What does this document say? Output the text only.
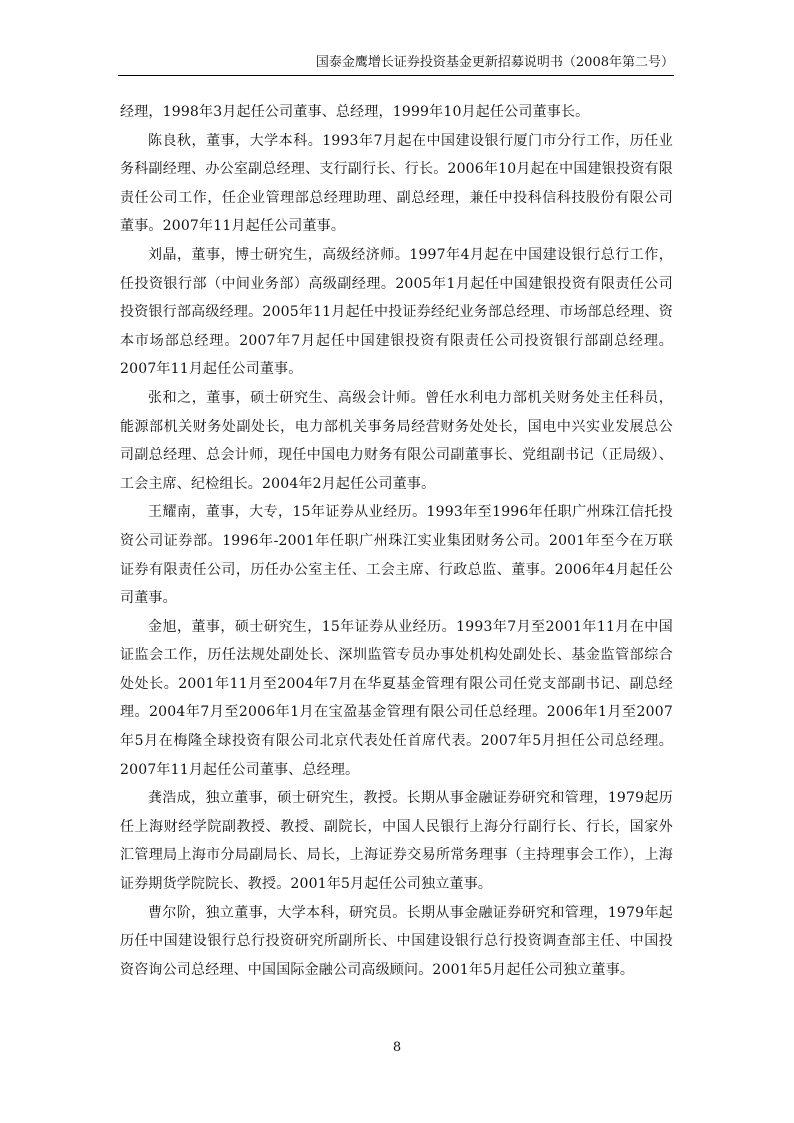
国泰金鹰增长证券投资基金更新招募说明书（2008年第二号）

经理，1998年3月起任公司董事、总经理，1999年10月起任公司董事长。

陈良秋，董事，大学本科。1993年7月起在中国建设银行厦门市分行工作，历任业务科副经理、办公室副总经理、支行副行长、行长。2006年10月起在中国建银投资有限责任公司工作，任企业管理部总经理助理、副总经理，兼任中投科信科技股份有限公司董事。2007年11月起任公司董事。

刘晶，董事，博士研究生，高级经济师。1997年4月起在中国建设银行总行工作，任投资银行部（中间业务部）高级副经理。2005年1月起任中国建银投资有限责任公司投资银行部高级经理。2005年11月起任中投证券经纪业务部总经理、市场部总经理、资本市场部总经理。2007年7月起任中国建银投资有限责任公司投资银行部副总经理。2007年11月起任公司董事。

张和之，董事，硕士研究生、高级会计师。曾任水利电力部机关财务处主任科员，能源部机关财务处副处长，电力部机关事务局经营财务处处长，国电中兴实业发展总公司副总经理、总会计师，现任中国电力财务有限公司副董事长、党组副书记（正局级）、工会主席、纪检组长。2004年2月起任公司董事。

王耀南，董事，大专，15年证券从业经历。1993年至1996年任职广州珠江信托投资公司证券部。1996年-2001年任职广州珠江实业集团财务公司。2001年至今在万联证券有限责任公司，历任办公室主任、工会主席、行政总监、董事。2006年4月起任公司董事。

金旭，董事，硕士研究生，15年证券从业经历。1993年7月至2001年11月在中国证监会工作，历任法规处副处长、深圳监管专员办事处机构处副处长、基金监管部综合处处长。2001年11月至2004年7月在华夏基金管理有限公司任党支部副书记、副总经理。2004年7月至2006年1月在宝盈基金管理有限公司任总经理。2006年1月至2007年5月在梅隆全球投资有限公司北京代表处任首席代表。2007年5月担任公司总经理。2007年11月起任公司董事、总经理。

龚浩成，独立董事，硕士研究生，教授。长期从事金融证券研究和管理，1979起历任上海财经学院副教授、教授、副院长，中国人民银行上海分行副行长、行长，国家外汇管理局上海市分局副局长、局长，上海证券交易所常务理事（主持理事会工作），上海证券期货学院院长、教授。2001年5月起任公司独立董事。

曹尔阶，独立董事，大学本科，研究员。长期从事金融证券研究和管理，1979年起历任中国建设银行总行投资研究所副所长、中国建设银行总行投资调查部主任、中国投资咨询公司总经理、中国国际金融公司高级顾问。2001年5月起任公司独立董事。

8
